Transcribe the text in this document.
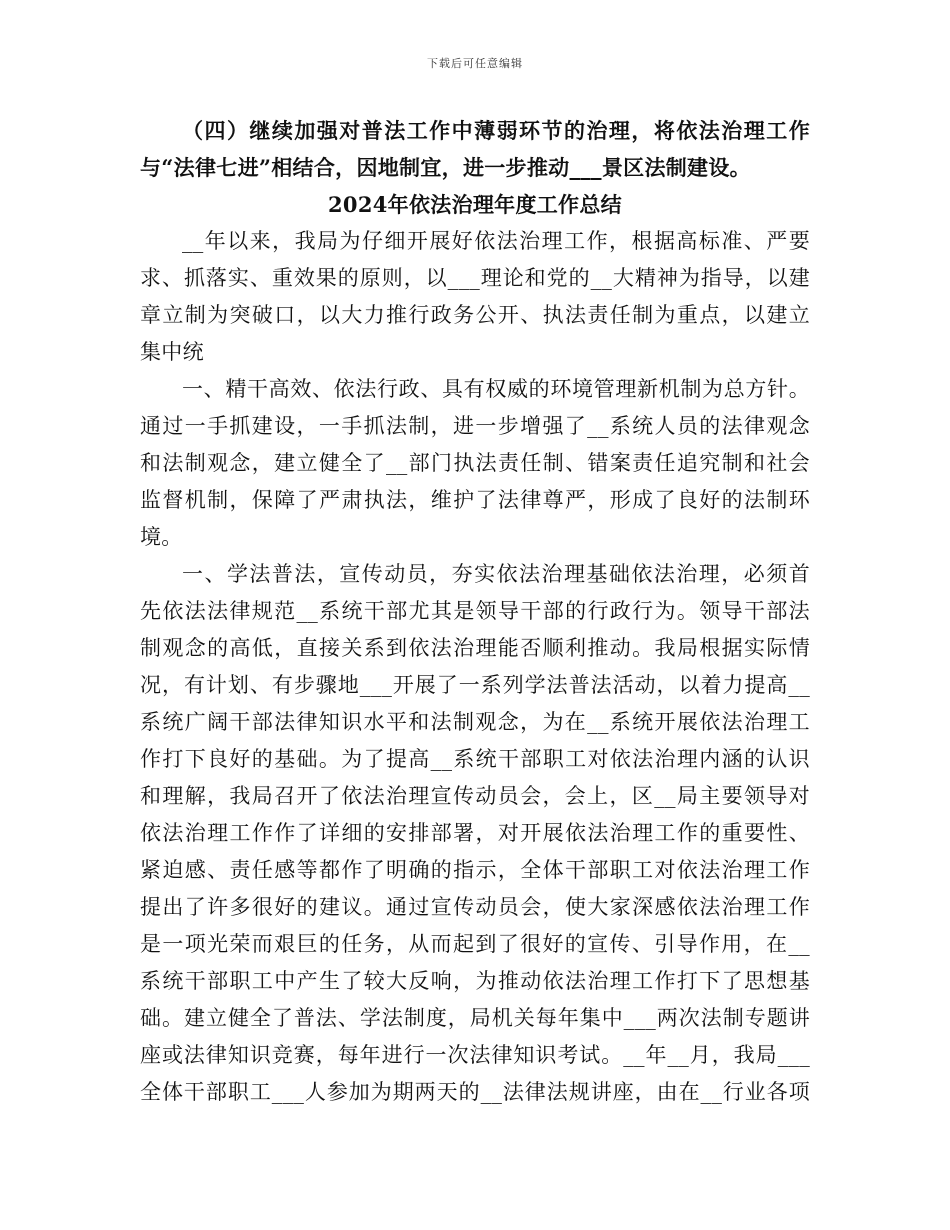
下载后可任意编辑
（四）继续加强对普法工作中薄弱环节的治理，将依法治理工作
与“法律七进”相结合，因地制宜，进一步推动___景区法制建设。
2024年依法治理年度工作总结
__年以来，我局为仔细开展好依法治理工作，根据高标准、严要
求、抓落实、重效果的原则，以___理论和党的__大精神为指导，以建
章立制为突破口，以大力推行政务公开、执法责任制为重点，以建立
集中统
一、精干高效、依法行政、具有权威的环境管理新机制为总方针。
通过一手抓建设，一手抓法制，进一步增强了__系统人员的法律观念
和法制观念，建立健全了__部门执法责任制、错案责任追究制和社会
监督机制，保障了严肃执法，维护了法律尊严，形成了良好的法制环
境。
一、学法普法，宣传动员，夯实依法治理基础依法治理，必须首
先依法法律规范__系统干部尤其是领导干部的行政行为。领导干部法
制观念的高低，直接关系到依法治理能否顺利推动。我局根据实际情
况，有计划、有步骤地___开展了一系列学法普法活动，以着力提高__
系统广阔干部法律知识水平和法制观念，为在__系统开展依法治理工
作打下良好的基础。为了提高__系统干部职工对依法治理内涵的认识
和理解，我局召开了依法治理宣传动员会，会上，区__局主要领导对
依法治理工作作了详细的安排部署，对开展依法治理工作的重要性、
紧迫感、责任感等都作了明确的指示，全体干部职工对依法治理工作
提出了许多很好的建议。通过宣传动员会，使大家深感依法治理工作
是一项光荣而艰巨的任务，从而起到了很好的宣传、引导作用，在__
系统干部职工中产生了较大反响，为推动依法治理工作打下了思想基
础。建立健全了普法、学法制度，局机关每年集中___两次法制专题讲
座或法律知识竞赛，每年进行一次法律知识考试。__年__月，我局___
全体干部职工___人参加为期两天的__法律法规讲座，由在__行业各项
